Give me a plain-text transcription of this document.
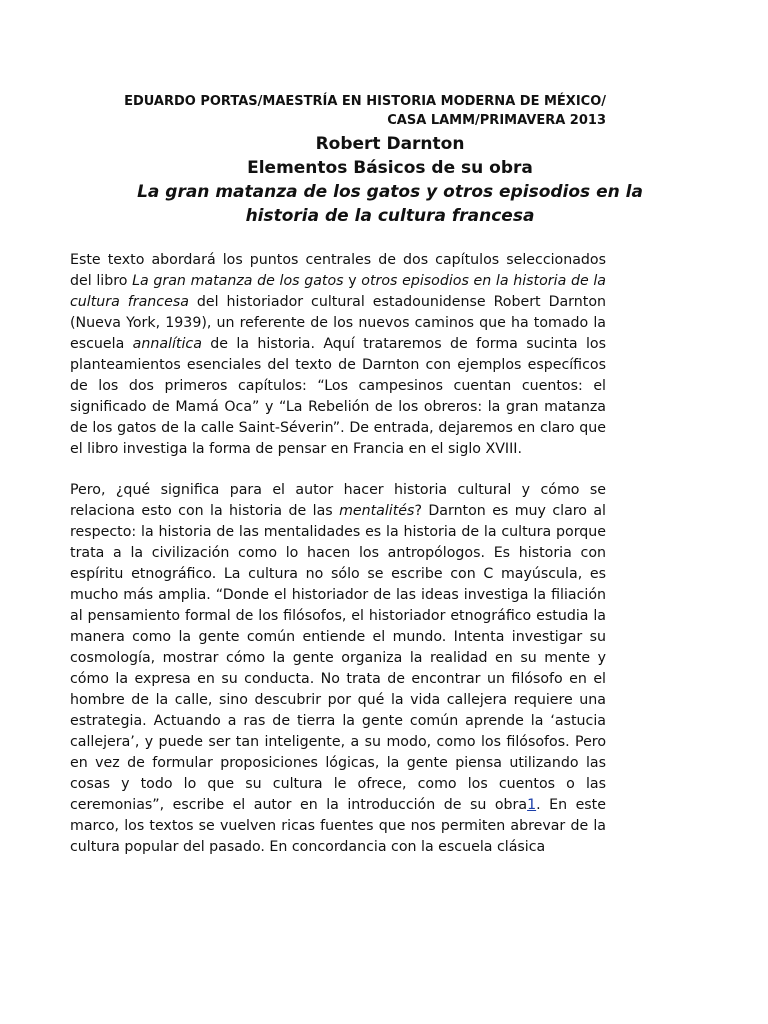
EDUARDO PORTAS/MAESTRÍA EN HISTORIA MODERNA DE MÉXICO/
CASA LAMM/PRIMAVERA 2013
Robert Darnton
Elementos Básicos de su obra
La gran matanza de los gatos y otros episodios en la
historia de la cultura francesa

Este texto abordará los puntos centrales de dos capítulos seleccionados del libro La gran matanza de los gatos y otros episodios en la historia de la cultura francesa del historiador cultural estadounidense Robert Darnton (Nueva York, 1939), un referente de los nuevos caminos que ha tomado la escuela annalítica de la historia. Aquí trataremos de forma sucinta los planteamientos esenciales del texto de Darnton con ejemplos específicos de los dos primeros capítulos: “Los campesinos cuentan cuentos: el significado de Mamá Oca” y “La Rebelión de los obreros: la gran matanza de los gatos de la calle Saint-Séverin”. De entrada, dejaremos en claro que el libro investiga la forma de pensar en Francia en el siglo XVIII.

Pero, ¿qué significa para el autor hacer historia cultural y cómo se relaciona esto con la historia de las mentalités? Darnton es muy claro al respecto: la historia de las mentalidades es la historia de la cultura porque trata a la civilización como lo hacen los antropólogos. Es historia con espíritu etnográfico. La cultura no sólo se escribe con C mayúscula, es mucho más amplia. “Donde el historiador de las ideas investiga la filiación al pensamiento formal de los filósofos, el historiador etnográfico estudia la manera como la gente común entiende el mundo. Intenta investigar su cosmología, mostrar cómo la gente organiza la realidad en su mente y cómo la expresa en su conducta. No trata de encontrar un filósofo en el hombre de la calle, sino descubrir por qué la vida callejera requiere una estrategia. Actuando a ras de tierra la gente común aprende la ‘astucia callejera’, y puede ser tan inteligente, a su modo, como los filósofos. Pero en vez de formular proposiciones lógicas, la gente piensa utilizando las cosas y todo lo que su cultura le ofrece, como los cuentos o las ceremonias”, escribe el autor en la introducción de su obra1. En este marco, los textos se vuelven ricas fuentes que nos permiten abrevar de la cultura popular del pasado. En concordancia con la escuela clásica
